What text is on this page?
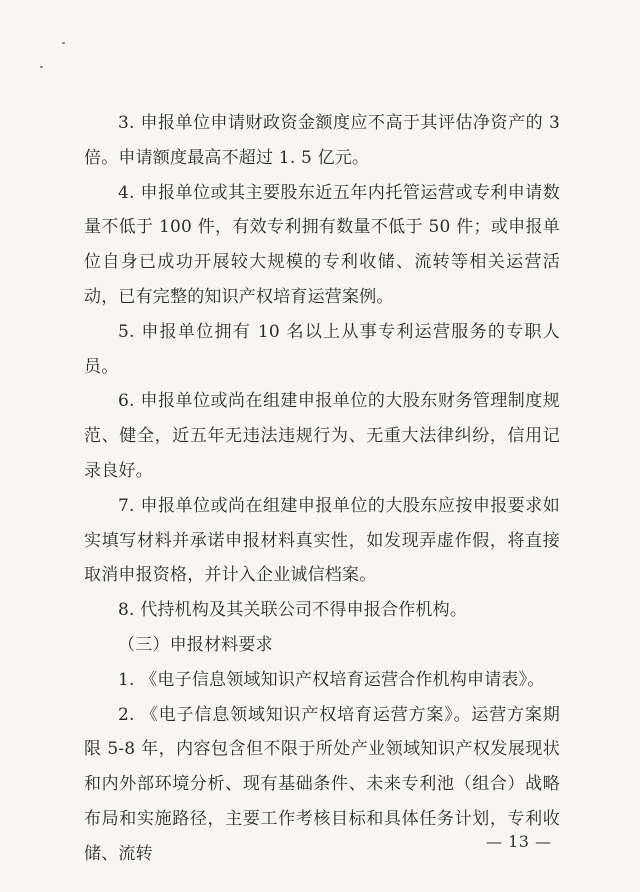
3. 申报单位申请财政资金额度应不高于其评估净资产的 3 倍。申请额度最高不超过 1. 5 亿元。

4. 申报单位或其主要股东近五年内托管运营或专利申请数量不低于 100 件，有效专利拥有数量不低于 50 件；或申报单位自身已成功开展较大规模的专利收储、流转等相关运营活动，已有完整的知识产权培育运营案例。

5. 申报单位拥有 10 名以上从事专利运营服务的专职人员。

6. 申报单位或尚在组建申报单位的大股东财务管理制度规范、健全，近五年无违法违规行为、无重大法律纠纷，信用记录良好。

7. 申报单位或尚在组建申报单位的大股东应按申报要求如实填写材料并承诺申报材料真实性，如发现弄虚作假，将直接取消申报资格，并计入企业诚信档案。

8. 代持机构及其关联公司不得申报合作机构。

（三）申报材料要求

1. 《电子信息领域知识产权培育运营合作机构申请表》。

2. 《电子信息领域知识产权培育运营方案》。运营方案期限 5-8 年，内容包含但不限于所处产业领域知识产权发展现状和内外部环境分析、现有基础条件、未来专利池（组合）战略布局和实施路径，主要工作考核目标和具体任务计划，专利收储、流转

— 13 —
